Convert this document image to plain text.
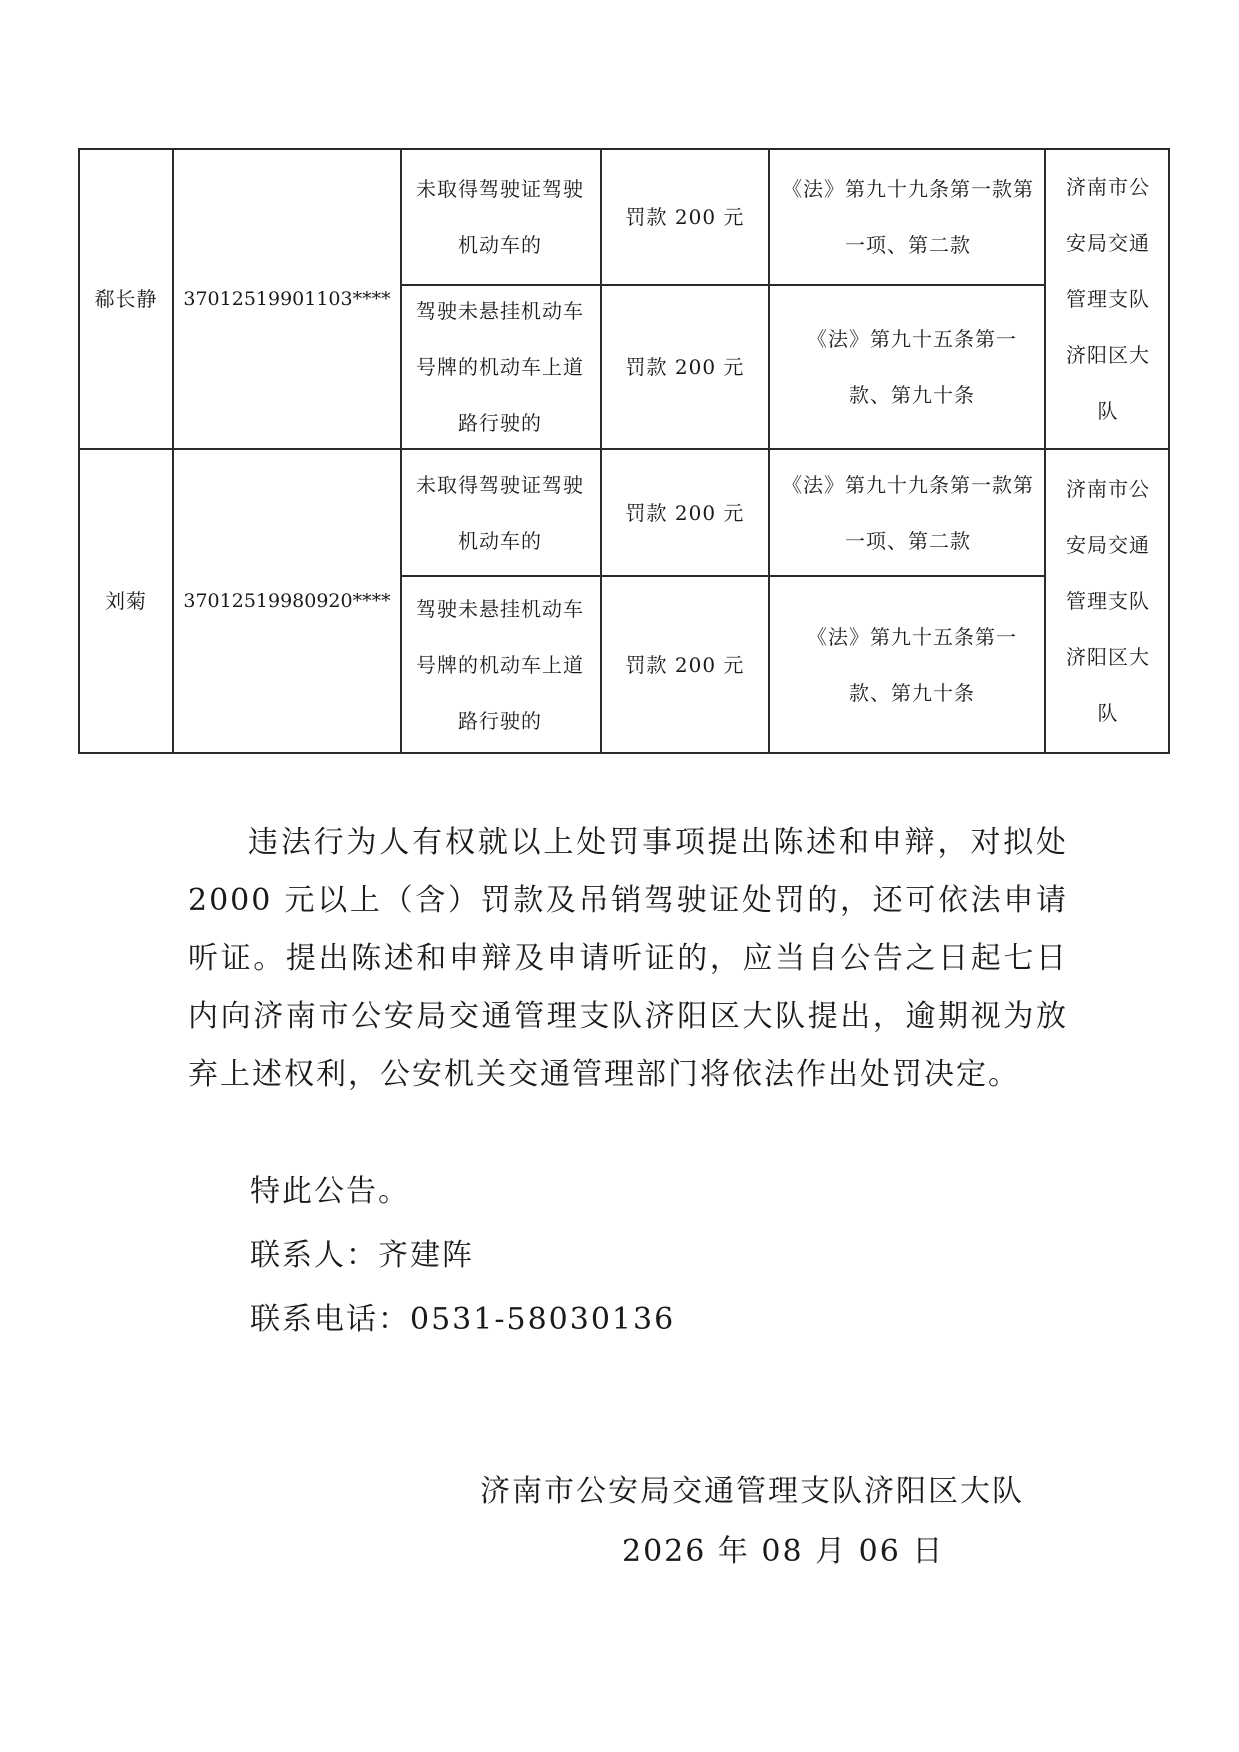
郗长静	37012519901103****
未取得驾驶证驾驶机动车的
罚款 200 元
《法》第九十九条第一款第一项、第二款
驾驶未悬挂机动车号牌的机动车上道路行驶的
罚款 200 元
《法》第九十五条第一款、第九十条
济南市公安局交通管理支队济阳区大队
刘菊	37012519980920****
未取得驾驶证驾驶机动车的
罚款 200 元
《法》第九十九条第一款第一项、第二款
驾驶未悬挂机动车号牌的机动车上道路行驶的
罚款 200 元
《法》第九十五条第一款、第九十条
济南市公安局交通管理支队济阳区大队
违法行为人有权就以上处罚事项提出陈述和申辩，对拟处 2000 元以上（含）罚款及吊销驾驶证处罚的，还可依法申请听证。提出陈述和申辩及申请听证的，应当自公告之日起七日内向济南市公安局交通管理支队济阳区大队提出，逾期视为放弃上述权利，公安机关交通管理部门将依法作出处罚决定。
特此公告。
联系人：齐建阵
联系电话：0531-58030136
济南市公安局交通管理支队济阳区大队
2026 年 08 月 06 日
